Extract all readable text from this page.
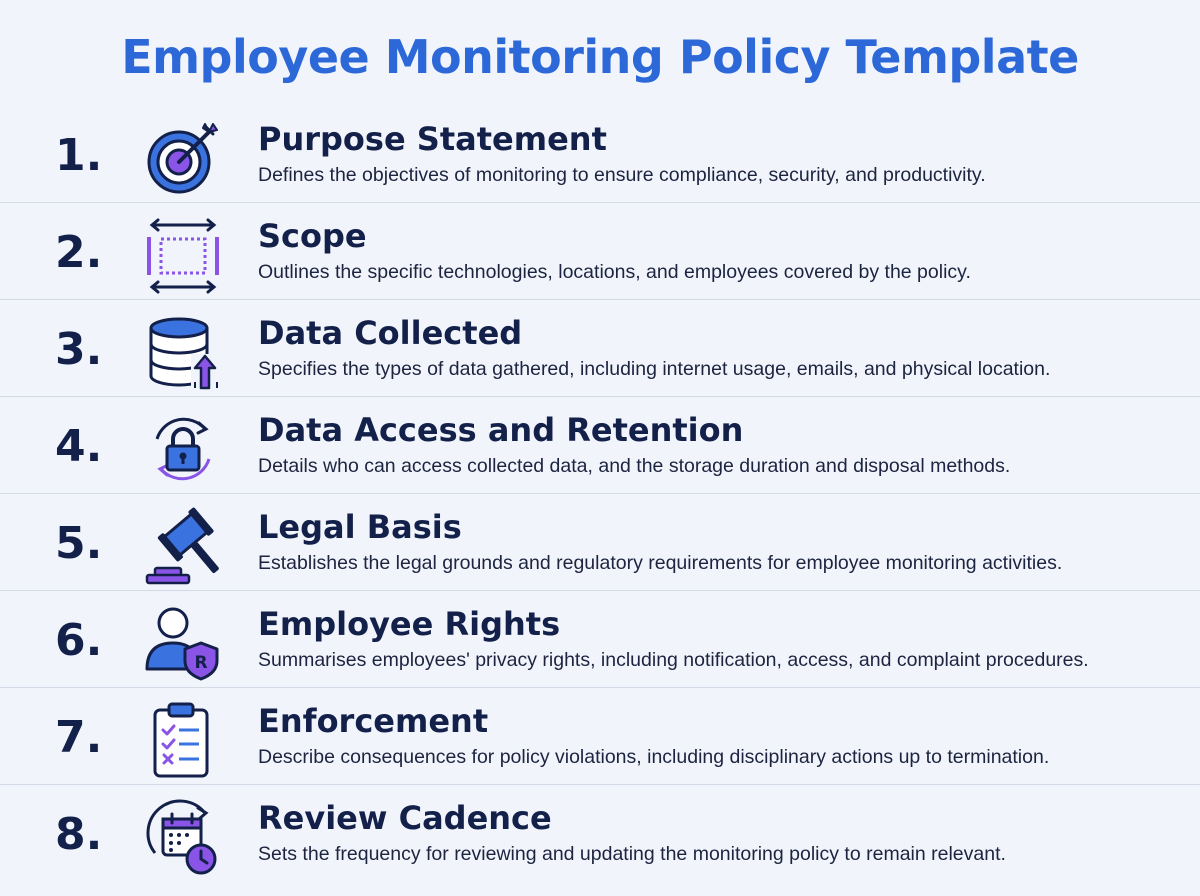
Employee Monitoring Policy Template
1.	Purpose Statement

Defines the objectives of monitoring to ensure compliance, security, and productivity.

2.	Scope

Outlines the specific technologies, locations, and employees covered by the policy.

3.	Data Collected

Specifies the types of data gathered, including internet usage, emails, and physical location.

4.	Data Access and Retention

Details who can access collected data, and the storage duration and disposal methods.

5.	Legal Basis

Establishes the legal grounds and regulatory requirements for employee monitoring activities.

6.	R
Employee Rights

Summarises employees' privacy rights, including notification, access, and complaint procedures.

7.	Enforcement

Describe consequences for policy violations, including disciplinary actions up to termination.

8.	Review Cadence

Sets the frequency for reviewing and updating the monitoring policy to remain relevant.
